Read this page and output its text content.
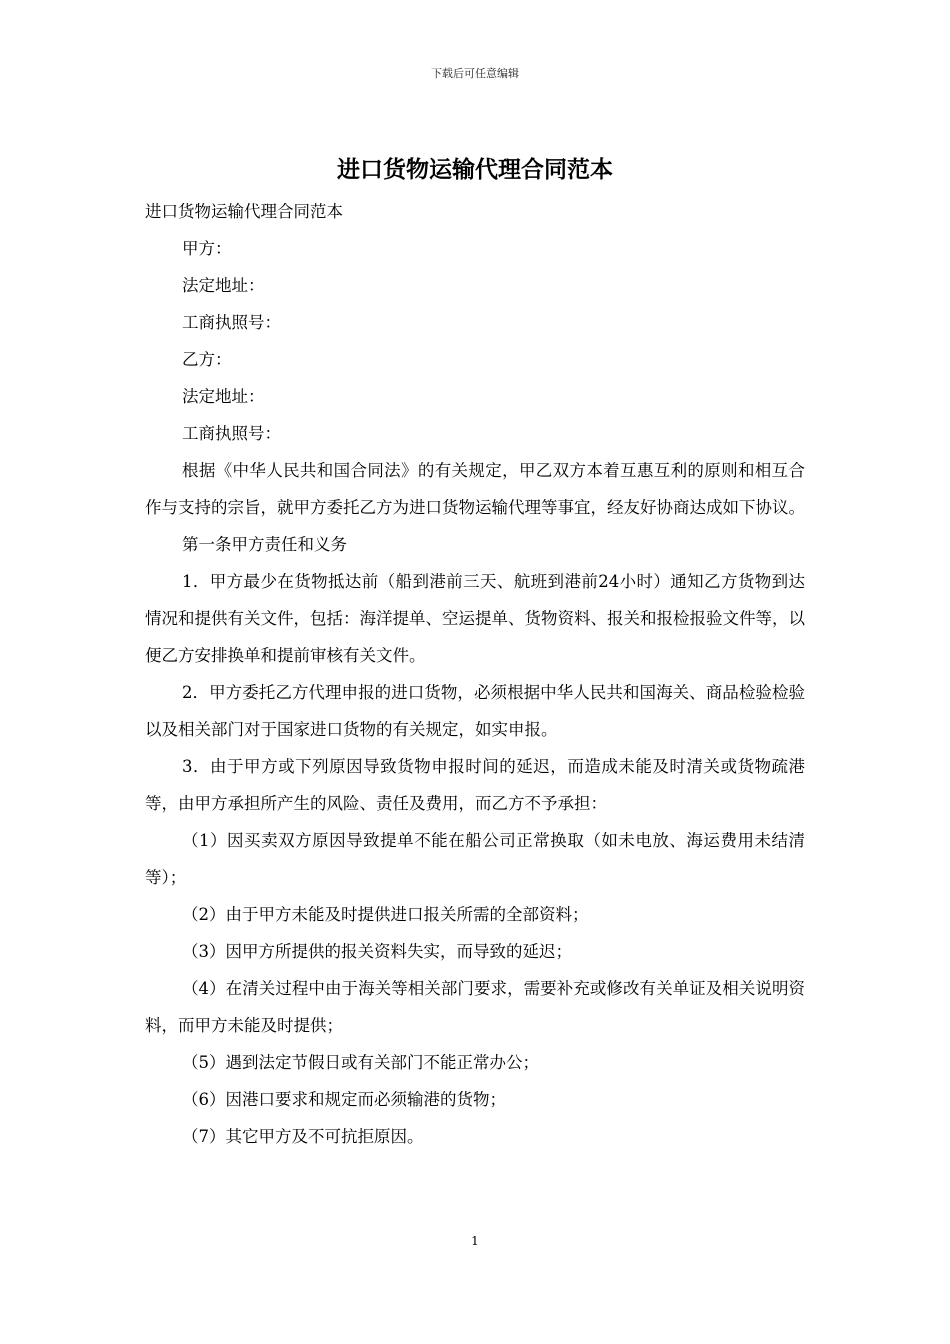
下载后可任意编辑
进口货物运输代理合同范本

进口货物运输代理合同范本

甲方：

法定地址：

工商执照号：

乙方：

法定地址：

工商执照号：

根据《中华人民共和国合同法》的有关规定，甲乙双方本着互惠互利的原则和相互合作与支持的宗旨，就甲方委托乙方为进口货物运输代理等事宜，经友好协商达成如下协议。

第一条甲方责任和义务

1．甲方最少在货物抵达前（船到港前三天、航班到港前24小时）通知乙方货物到达情况和提供有关文件，包括：海洋提单、空运提单、货物资料、报关和报检报验文件等，以便乙方安排换单和提前审核有关文件。

2．甲方委托乙方代理申报的进口货物，必须根据中华人民共和国海关、商品检验检验以及相关部门对于国家进口货物的有关规定，如实申报。

3．由于甲方或下列原因导致货物申报时间的延迟，而造成未能及时清关或货物疏港等，由甲方承担所产生的风险、责任及费用，而乙方不予承担：

（1）因买卖双方原因导致提单不能在船公司正常换取（如未电放、海运费用未结清等）；

（2）由于甲方未能及时提供进口报关所需的全部资料；

（3）因甲方所提供的报关资料失实，而导致的延迟；

（4）在清关过程中由于海关等相关部门要求，需要补充或修改有关单证及相关说明资料，而甲方未能及时提供；

（5）遇到法定节假日或有关部门不能正常办公；

（6）因港口要求和规定而必须输港的货物；

（7）其它甲方及不可抗拒原因。

1
